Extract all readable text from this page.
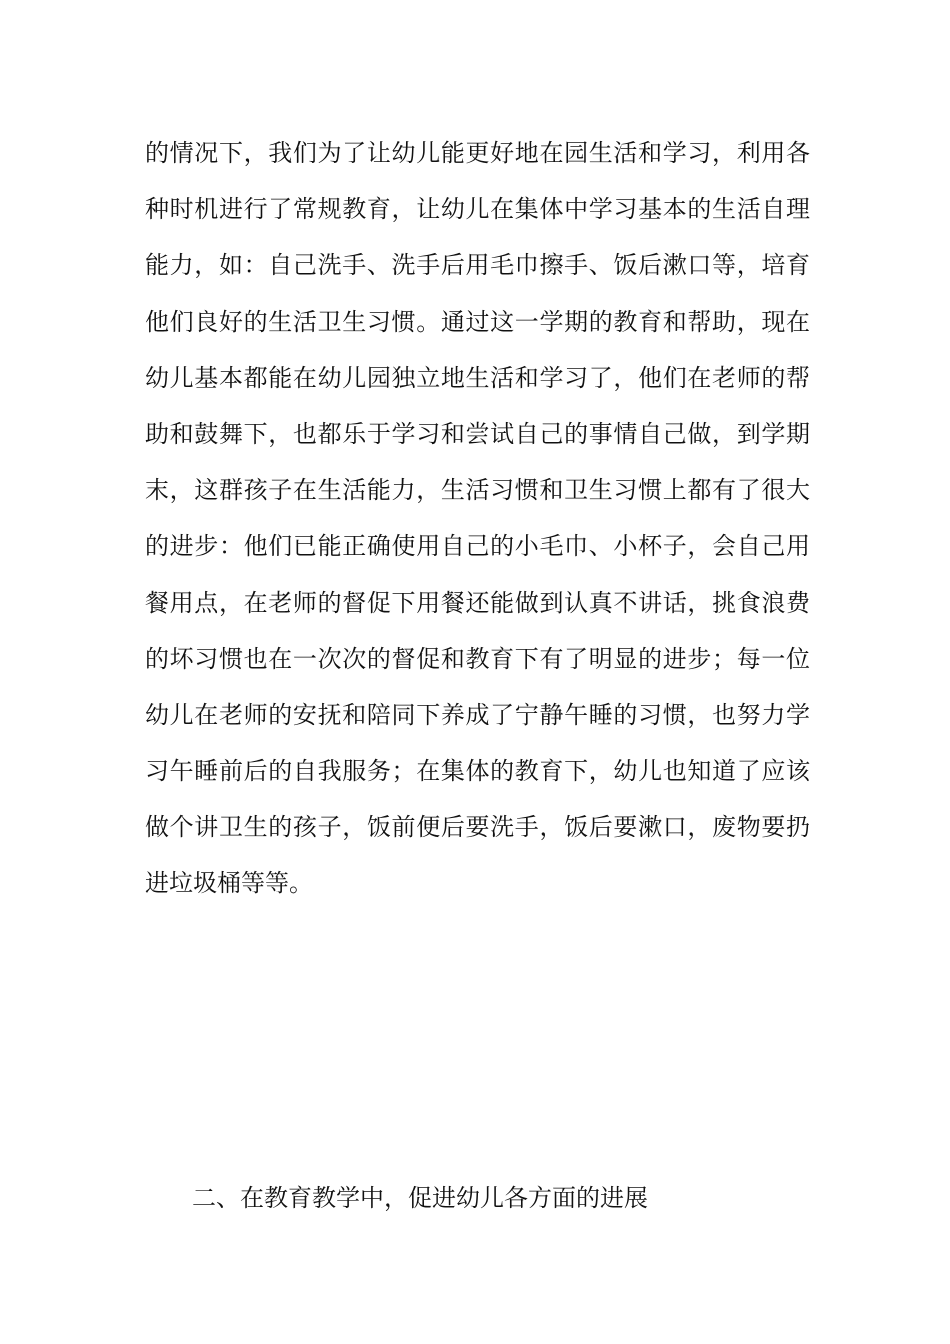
的情况下，我们为了让幼儿能更好地在园生活和学习，利用各
种时机进行了常规教育，让幼儿在集体中学习基本的生活自理
能力，如：自己洗手、洗手后用毛巾擦手、饭后漱口等，培育
他们良好的生活卫生习惯。通过这一学期的教育和帮助，现在
幼儿基本都能在幼儿园独立地生活和学习了，他们在老师的帮
助和鼓舞下，也都乐于学习和尝试自己的事情自己做，到学期
末，这群孩子在生活能力，生活习惯和卫生习惯上都有了很大
的进步：他们已能正确使用自己的小毛巾、小杯子，会自己用
餐用点，在老师的督促下用餐还能做到认真不讲话，挑食浪费
的坏习惯也在一次次的督促和教育下有了明显的进步；每一位
幼儿在老师的安抚和陪同下养成了宁静午睡的习惯，也努力学
习午睡前后的自我服务；在集体的教育下，幼儿也知道了应该
做个讲卫生的孩子，饭前便后要洗手，饭后要漱口，废物要扔
进垃圾桶等等。
二、在教育教学中，促进幼儿各方面的进展
